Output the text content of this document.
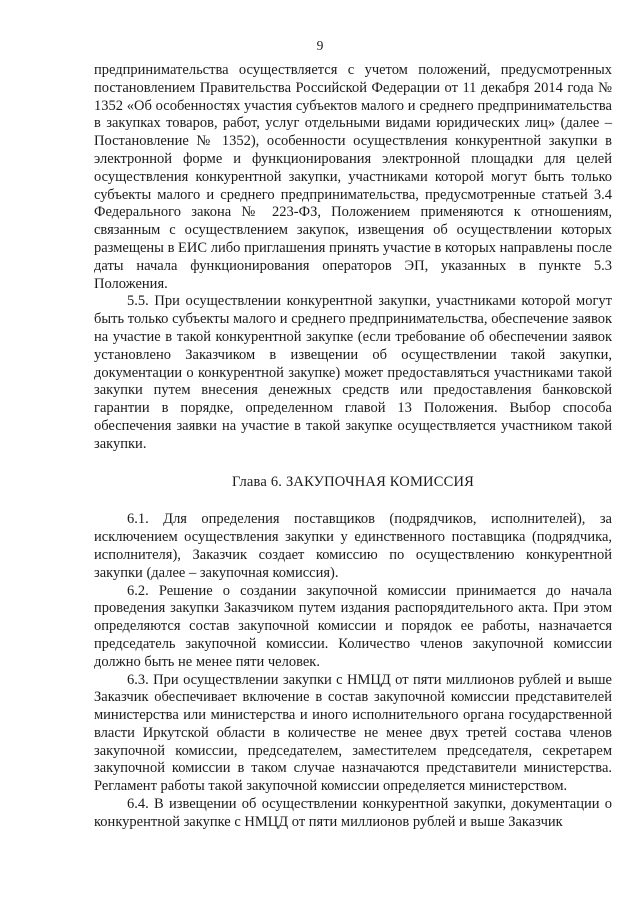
9

предпринимательства осуществляется с учетом положений, предусмотренных постановлением Правительства Российской Федерации от 11 декабря 2014 года № 1352 «Об особенностях участия субъектов малого и среднего предпринимательства в закупках товаров, работ, услуг отдельными видами юридических лиц» (далее – Постановление № 1352), особенности осуществления конкурентной закупки в электронной форме и функционирования электронной площадки для целей осуществления конкурентной закупки, участниками которой могут быть только субъекты малого и среднего предпринимательства, предусмотренные статьей 3.4 Федерального закона № 223-ФЗ, Положением применяются к отношениям, связанным с осуществлением закупок, извещения об осуществлении которых размещены в ЕИС либо приглашения принять участие в которых направлены после даты начала функционирования операторов ЭП, указанных в пункте 5.3 Положения.

5.5. При осуществлении конкурентной закупки, участниками которой могут быть только субъекты малого и среднего предпринимательства, обеспечение заявок на участие в такой конкурентной закупке (если требование об обеспечении заявок установлено Заказчиком в извещении об осуществлении такой закупки, документации о конкурентной закупке) может предоставляться участниками такой закупки путем внесения денежных средств или предоставления банковской гарантии в порядке, определенном главой 13 Положения. Выбор способа обеспечения заявки на участие в такой закупке осуществляется участником такой закупки.

Глава 6. ЗАКУПОЧНАЯ КОМИССИЯ

6.1. Для определения поставщиков (подрядчиков, исполнителей), за исключением осуществления закупки у единственного поставщика (подрядчика, исполнителя), Заказчик создает комиссию по осуществлению конкурентной закупки (далее – закупочная комиссия).

6.2. Решение о создании закупочной комиссии принимается до начала проведения закупки Заказчиком путем издания распорядительного акта. При этом определяются состав закупочной комиссии и порядок ее работы, назначается председатель закупочной комиссии. Количество членов закупочной комиссии должно быть не менее пяти человек.

6.3. При осуществлении закупки с НМЦД от пяти миллионов рублей и выше Заказчик обеспечивает включение в состав закупочной комиссии представителей министерства или министерства и иного исполнительного органа государственной власти Иркутской области в количестве не менее двух третей состава членов закупочной комиссии, председателем, заместителем председателя, секретарем закупочной комиссии в таком случае назначаются представители министерства. Регламент работы такой закупочной комиссии определяется министерством.

6.4. В извещении об осуществлении конкурентной закупки, документации о конкурентной закупке с НМЦД от пяти миллионов рублей и выше Заказчик
